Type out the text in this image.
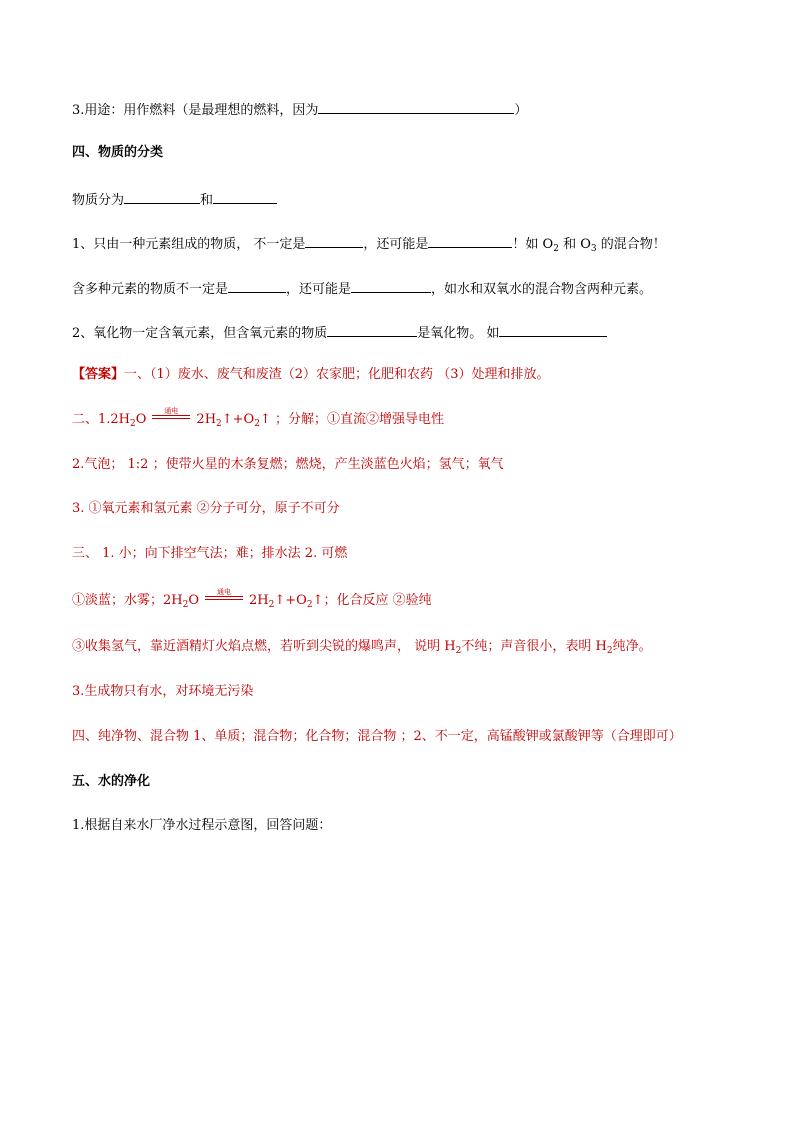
3.用途：用作燃料（是最理想的燃料，因为	）
四、物质的分类
物质分为	和
1、只由一种元素组成的物质， 不一定是	，还可能是	！如 $O_2$ 和 $O_3$ 的混合物！
含多种元素的物质不一定是	，还可能是	，如水和双氧水的混合物含两种元素。
2、氧化物一定含氧元素，但含氧元素的物质	是氧化物。 如
【答案】一、（1）废水、废气和废渣（2）农家肥；化肥和农药 （3）处理和排放。
二、$1.2H_2O$
通电
$2H_2↑+O_2↑$ ；分解；①直流②增强导电性
2.气泡； 1:2 ；使带火星的木条复燃；燃烧，产生淡蓝色火焰；氢气；氧气
3. ①氧元素和氢元素 ②分子可分，原子不可分
三、 1. 小；向下排空气法；难；排水法 2. 可燃
①淡蓝；水雾；$2H_2O$
通电
$2H_2↑+O_2↑$；化合反应 ②验纯
③收集氢气，靠近酒精灯火焰点燃，若听到尖锐的爆鸣声， 说明 $H_2$不纯；声音很小，表明 $H_2$纯净。
3.生成物只有水，对环境无污染
四、纯净物、混合物 1、单质；混合物；化合物；混合物 ；2、不一定，高锰酸钾或氯酸钾等（合理即可）
五、水的净化
1.根据自来水厂净水过程示意图，回答问题：
